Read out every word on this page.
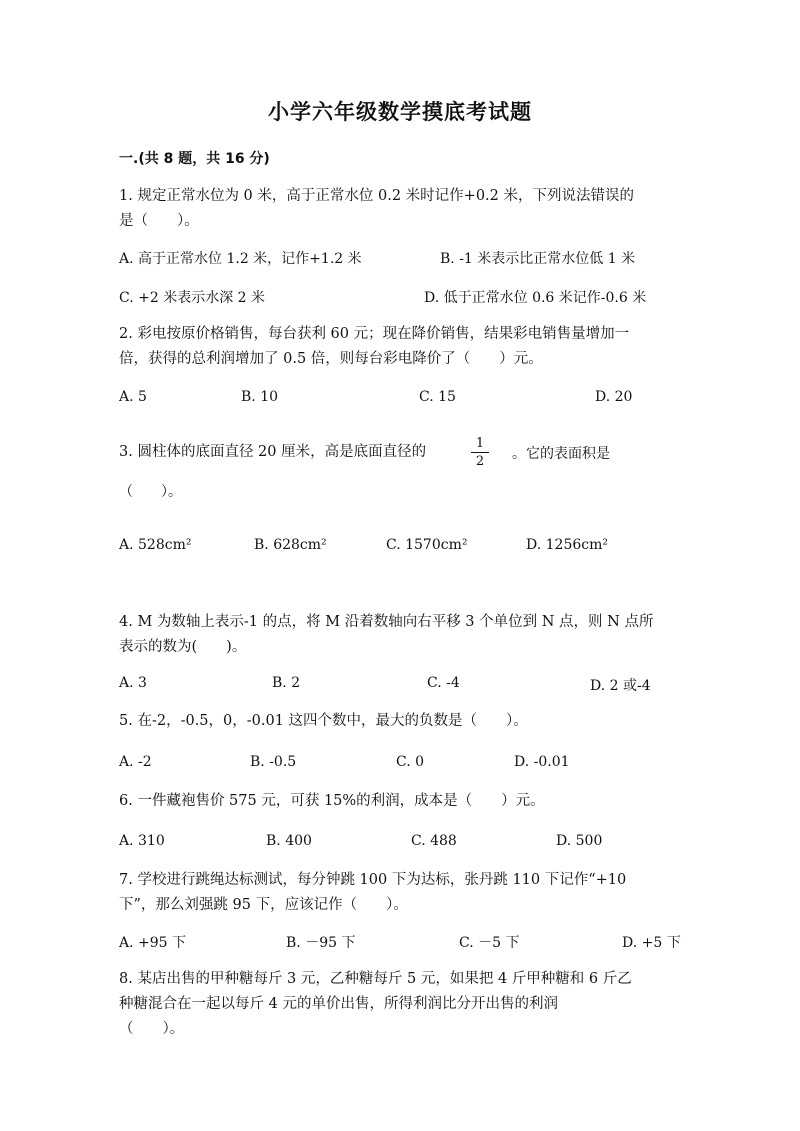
小学六年级数学摸底考试题
一.(共 8 题，共 16 分)
1. 规定正常水位为 0 米，高于正常水位 0.2 米时记作+0.2 米，下列说法错误的
是（　　）。
A. 高于正常水位 1.2 米，记作+1.2 米	B. -1 米表示比正常水位低 1 米
C. +2 米表示水深 2 米	D. 低于正常水位 0.6 米记作-0.6 米
2. 彩电按原价格销售，每台获利 60 元；现在降价销售，结果彩电销售量增加一
倍，获得的总利润增加了 0.5 倍，则每台彩电降价了（　　）元。
A. 5	B. 10	C. 15	D. 20
3. 圆柱体的底面直径 20 厘米，高是底面直径的
1
2	。它的表面积是
（　　）。
A. 528cm²	B. 628cm²	C. 1570cm²	D. 1256cm²
4. M 为数轴上表示-1 的点，将 M 沿着数轴向右平移 3 个单位到 N 点，则 N 点所
表示的数为(　　)。
A. 3	B. 2	C. -4	D. 2 或-4
5. 在-2，-0.5，0，-0.01 这四个数中，最大的负数是（　　）。
A. -2	B. -0.5	C. 0	D. -0.01
6. 一件藏袍售价 575 元，可获 15%的利润，成本是（　　）元。
A. 310	B. 400	C. 488	D. 500
7. 学校进行跳绳达标测试，每分钟跳 100 下为达标，张丹跳 110 下记作“+10
下”，那么刘强跳 95 下，应该记作（　　）。
A. +95 下	B. －95 下	C. －5 下	D. +5 下
8. 某店出售的甲种糖每斤 3 元，乙种糖每斤 5 元，如果把 4 斤甲种糖和 6 斤乙
种糖混合在一起以每斤 4 元的单价出售，所得利润比分开出售的利润
（　　）。
